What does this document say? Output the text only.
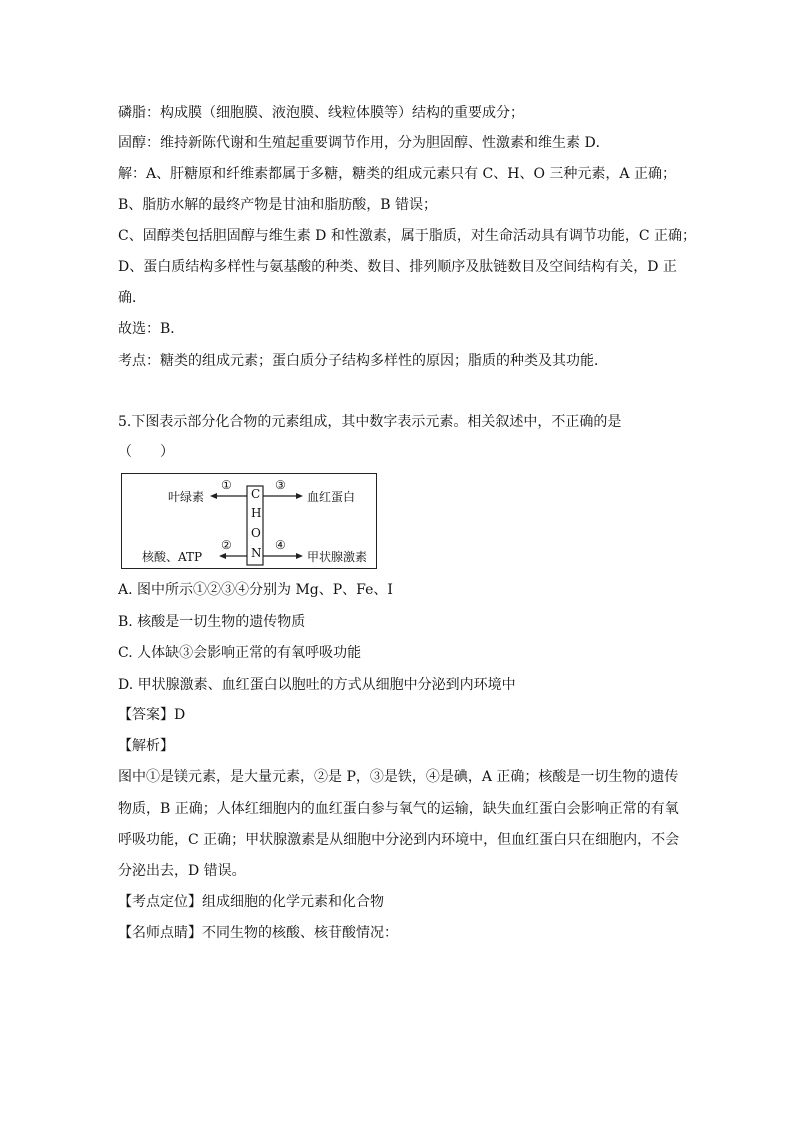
磷脂：构成膜（细胞膜、液泡膜、线粒体膜等）结构的重要成分；
固醇：维持新陈代谢和生殖起重要调节作用，分为胆固醇、性激素和维生素 D．
解：A、肝糖原和纤维素都属于多糖，糖类的组成元素只有 C、H、O 三种元素，A 正确；
B、脂肪水解的最终产物是甘油和脂肪酸，B 错误；
C、固醇类包括胆固醇与维生素 D 和性激素，属于脂质，对生命活动具有调节功能，C 正确；
D、蛋白质结构多样性与氨基酸的种类、数目、排列顺序及肽链数目及空间结构有关，D 正
确．
故选：B．
考点：糖类的组成元素；蛋白质分子结构多样性的原因；脂质的种类及其功能．
5.下图表示部分化合物的元素组成，其中数字表示元素。相关叙述中，不正确的是
（　　）
C
H
O
N
①
②
③
④
叶绿素
核酸、ATP
血红蛋白
甲状腺激素
A. 图中所示①②③④分别为 Mg、P、Fe、I
B. 核酸是一切生物的遗传物质
C. 人体缺③会影响正常的有氧呼吸功能
D. 甲状腺激素、血红蛋白以胞吐的方式从细胞中分泌到内环境中
【答案】D
【解析】
图中①是镁元素，是大量元素，②是 P，③是铁，④是碘，A 正确；核酸是一切生物的遗传
物质，B 正确；人体红细胞内的血红蛋白参与氧气的运输，缺失血红蛋白会影响正常的有氧
呼吸功能，C 正确；甲状腺激素是从细胞中分泌到内环境中，但血红蛋白只在细胞内，不会
分泌出去，D 错误。
【考点定位】组成细胞的化学元素和化合物
【名师点睛】不同生物的核酸、核苷酸情况：
